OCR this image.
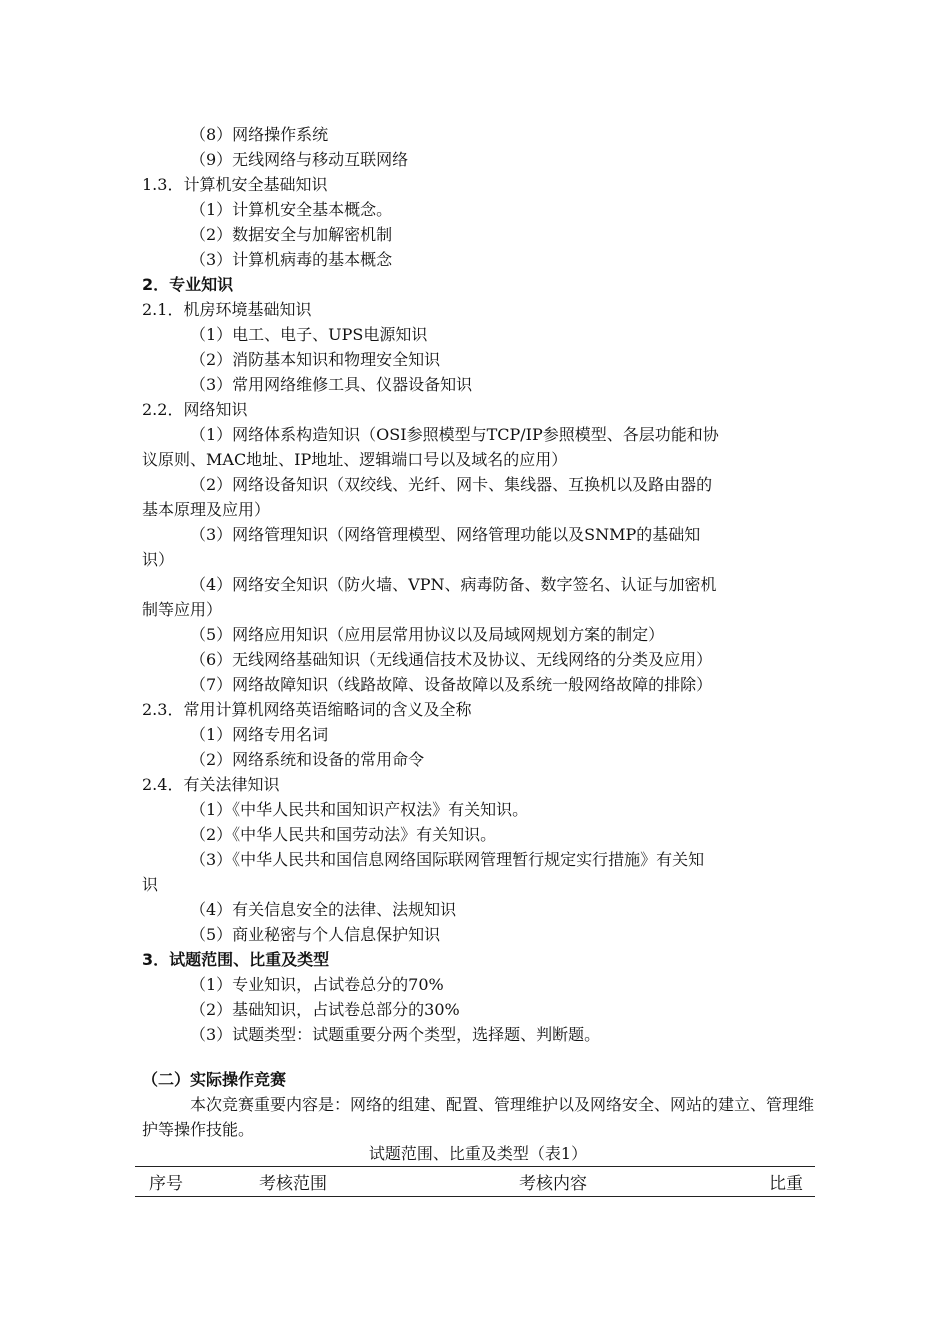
（8）网络操作系统
（9）无线网络与移动互联网络
1.3．计算机安全基础知识
（1）计算机安全基本概念。
（2）数据安全与加解密机制
（3）计算机病毒的基本概念
2．专业知识
2.1．机房环境基础知识
（1）电工、电子、UPS电源知识
（2）消防基本知识和物理安全知识
（3）常用网络维修工具、仪器设备知识
2.2．网络知识
（1）网络体系构造知识（OSI参照模型与TCP/IP参照模型、各层功能和协
议原则、MAC地址、IP地址、逻辑端口号以及域名的应用）
（2）网络设备知识（双绞线、光纤、网卡、集线器、互换机以及路由器的
基本原理及应用）
（3）网络管理知识（网络管理模型、网络管理功能以及SNMP的基础知
识）
（4）网络安全知识（防火墙、VPN、病毒防备、数字签名、认证与加密机
制等应用）
（5）网络应用知识（应用层常用协议以及局域网规划方案的制定）
（6）无线网络基础知识（无线通信技术及协议、无线网络的分类及应用）
（7）网络故障知识（线路故障、设备故障以及系统一般网络故障的排除）
2.3．常用计算机网络英语缩略词的含义及全称
（1）网络专用名词
（2）网络系统和设备的常用命令
2.4．有关法律知识
（1）《中华人民共和国知识产权法》有关知识。
（2）《中华人民共和国劳动法》有关知识。
（3）《中华人民共和国信息网络国际联网管理暂行规定实行措施》有关知
识
（4）有关信息安全的法律、法规知识
（5）商业秘密与个人信息保护知识
3．试题范围、比重及类型
（1）专业知识，占试卷总分的70%
（2）基础知识，占试卷总部分的30%
（3）试题类型：试题重要分两个类型，选择题、判断题。
（二）实际操作竞赛
本次竞赛重要内容是：网络的组建、配置、管理维护以及网络安全、网站的建立、管理维护等操作技能。
试题范围、比重及类型（表1）
序号	考核范围	考核内容	比重
